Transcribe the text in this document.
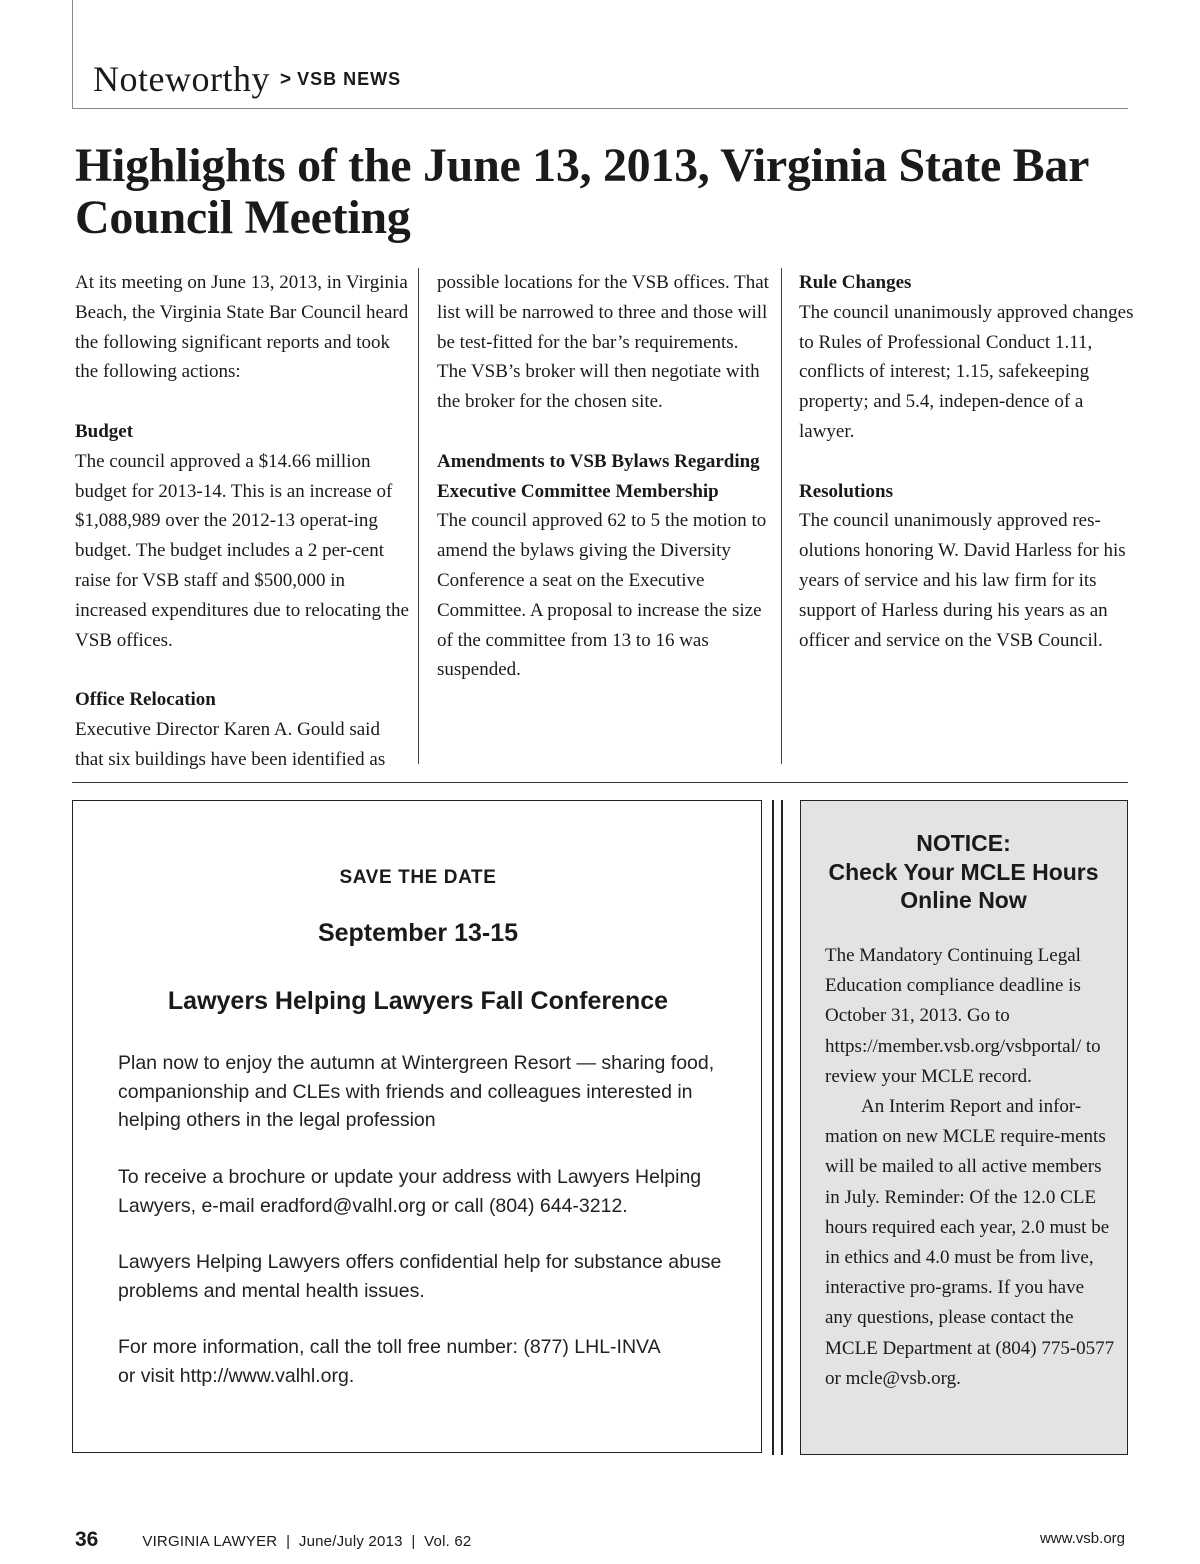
Noteworthy > VSB NEWS
Highlights of the June 13, 2013, Virginia State Bar Council Meeting

At its meeting on June 13, 2013, in Virginia Beach, the Virginia State Bar Council heard the following significant reports and took the following actions:

Budget

The council approved a $14.66 million budget for 2013-14. This is an increase of $1,088,989 over the 2012-13 operat-ing budget. The budget includes a 2 per-cent raise for VSB staff and $500,000 in increased expenditures due to relocating the VSB offices.

Office Relocation

Executive Director Karen A. Gould said that six buildings have been identified as

possible locations for the VSB offices. That list will be narrowed to three and those will be test-fitted for the bar’s requirements. The VSB’s broker will then negotiate with the broker for the chosen site.

Amendments to VSB Bylaws Regarding Executive Committee Membership

The council approved 62 to 5 the motion to amend the bylaws giving the Diversity Conference a seat on the Executive Committee. A proposal to increase the size of the committee from 13 to 16 was suspended.

Rule Changes

The council unanimously approved changes to Rules of Professional Conduct 1.11, conflicts of interest; 1.15, safekeeping property; and 5.4, indepen-dence of a lawyer.

Resolutions

The council unanimously approved res-olutions honoring W. David Harless for his years of service and his law firm for its support of Harless during his years as an officer and service on the VSB Council.

SAVE THE DATE
September 13-15
Lawyers Helping Lawyers Fall Conference

Plan now to enjoy the autumn at Wintergreen Resort — sharing food, companionship and CLEs with friends and colleagues interested in helping others in the legal profession

To receive a brochure or update your address with Lawyers Helping Lawyers, e-mail eradford@valhl.org or call (804) 644-3212.

Lawyers Helping Lawyers offers confidential help for substance abuse problems and mental health issues.

For more information, call the toll free number: (877) LHL-INVA
or visit http://www.valhl.org.

NOTICE:
Check Your MCLE Hours
Online Now

The Mandatory Continuing Legal Education compliance deadline is October 31, 2013. Go to https://member.vsb.org/vsbportal/ to review your MCLE record.

An Interim Report and infor-mation on new MCLE require-ments will be mailed to all active members in July. Reminder: Of the 12.0 CLE hours required each year, 2.0 must be in ethics and 4.0 must be from live, interactive pro-grams. If you have any questions, please contact the MCLE Department at (804) 775-0577 or mcle@vsb.org.

36	VIRGINIA LAWYER  |  June/July 2013  |  Vol. 62	www.vsb.org
